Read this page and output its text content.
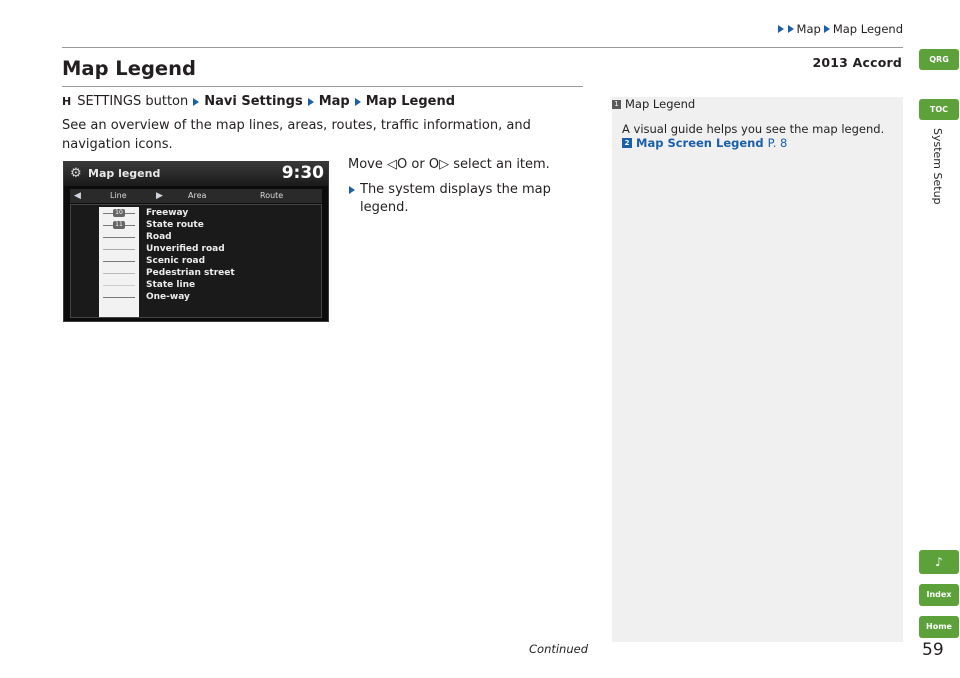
Map Map Legend
2013 Accord
Map Legend
H SETTINGS button Navi Settings Map Map Legend

See an overview of the map lines, areas, routes, traffic information, and navigation icons.

Move ◁O or O▷ select an item.
The system displays the map legend.
⚙ Map legend	9:30
◀	Line	▶	Area	Route
10
11
Freeway
State route
Road
Unverified road
Scenic road
Pedestrian street
State line
One-way
1 Map Legend
A visual guide helps you see the map legend.
2 Map Screen Legend P. 8
QRG
TOC
System Setup
♪
Index
Home
Continued	59
